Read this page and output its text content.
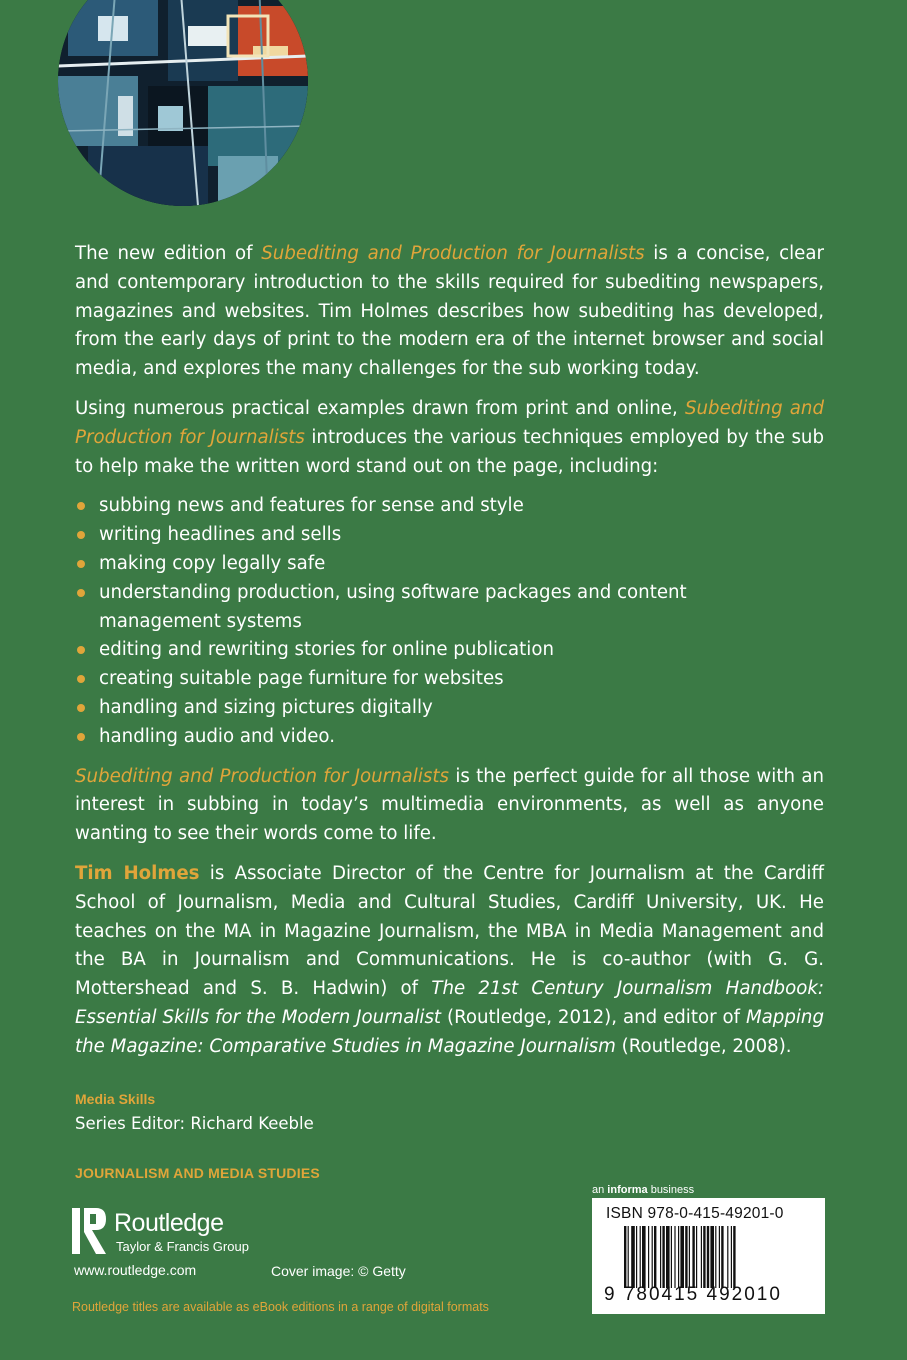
The new edition of Subediting and Production for Journalists is a concise, clear and contemporary introduction to the skills required for subediting newspapers, magazines and websites. Tim Holmes describes how subediting has developed, from the early days of print to the modern era of the internet browser and social media, and explores the many challenges for the sub working today.

Using numerous practical examples drawn from print and online, Subediting and Production for Journalists introduces the various techniques employed by the sub to help make the written word stand out on the page, including:

subbing news and features for sense and style
writing headlines and sells
making copy legally safe
understanding production, using software packages and content management systems
editing and rewriting stories for online publication
creating suitable page furniture for websites
handling and sizing pictures digitally
handling audio and video.

Subediting and Production for Journalists is the perfect guide for all those with an interest in subbing in today’s multimedia environments, as well as anyone wanting to see their words come to life.

Tim Holmes is Associate Director of the Centre for Journalism at the Cardiff School of Journalism, Media and Cultural Studies, Cardiff University, UK. He teaches on the MA in Magazine Journalism, the MBA in Media Management and the BA in Journalism and Communications. He is co-author (with G. G. Mottershead and S. B. Hadwin) of The 21st Century Journalism Handbook: Essential Skills for the Modern Journalist (Routledge, 2012), and editor of Mapping the Magazine: Comparative Studies in Magazine Journalism (Routledge, 2008).

Media Skills
Series Editor: Richard Keeble
JOURNALISM AND MEDIA STUDIES
Routledge
Taylor & Francis Group
www.routledge.com	Cover image: © Getty
Routledge titles are available as eBook editions in a range of digital formats
an informa business
ISBN 978-0-415-49201-0
9 780415 492010
